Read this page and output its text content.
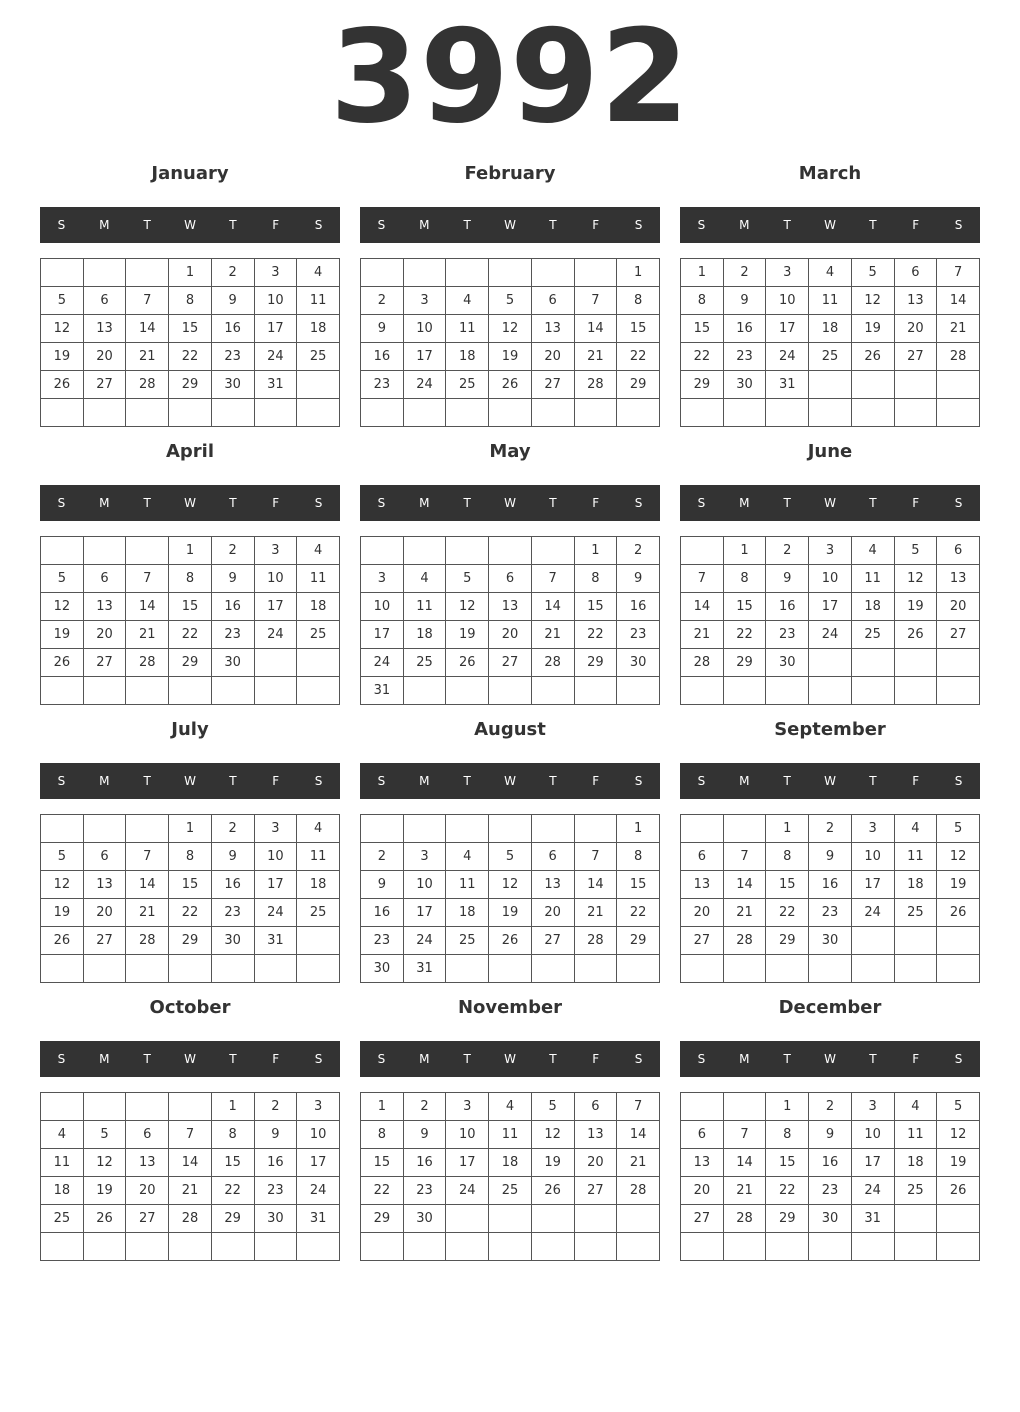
3992
January
S	M	T	W	T	F	S
			1	2	3	4
5	6	7	8	9	10	11
12	13	14	15	16	17	18
19	20	21	22	23	24	25
26	27	28	29	30	31	

February
S	M	T	W	T	F	S
						1
2	3	4	5	6	7	8
9	10	11	12	13	14	15
16	17	18	19	20	21	22
23	24	25	26	27	28	29

March
S	M	T	W	T	F	S
1	2	3	4	5	6	7
8	9	10	11	12	13	14
15	16	17	18	19	20	21
22	23	24	25	26	27	28
29	30	31				

April
S	M	T	W	T	F	S
			1	2	3	4
5	6	7	8	9	10	11
12	13	14	15	16	17	18
19	20	21	22	23	24	25
26	27	28	29	30		

May
S	M	T	W	T	F	S
					1	2
3	4	5	6	7	8	9
10	11	12	13	14	15	16
17	18	19	20	21	22	23
24	25	26	27	28	29	30
31						
June
S	M	T	W	T	F	S
	1	2	3	4	5	6
7	8	9	10	11	12	13
14	15	16	17	18	19	20
21	22	23	24	25	26	27
28	29	30				

July
S	M	T	W	T	F	S
			1	2	3	4
5	6	7	8	9	10	11
12	13	14	15	16	17	18
19	20	21	22	23	24	25
26	27	28	29	30	31	

August
S	M	T	W	T	F	S
						1
2	3	4	5	6	7	8
9	10	11	12	13	14	15
16	17	18	19	20	21	22
23	24	25	26	27	28	29
30	31					
September
S	M	T	W	T	F	S
		1	2	3	4	5
6	7	8	9	10	11	12
13	14	15	16	17	18	19
20	21	22	23	24	25	26
27	28	29	30			

October
S	M	T	W	T	F	S
				1	2	3
4	5	6	7	8	9	10
11	12	13	14	15	16	17
18	19	20	21	22	23	24
25	26	27	28	29	30	31

November
S	M	T	W	T	F	S
1	2	3	4	5	6	7
8	9	10	11	12	13	14
15	16	17	18	19	20	21
22	23	24	25	26	27	28
29	30					

December
S	M	T	W	T	F	S
		1	2	3	4	5
6	7	8	9	10	11	12
13	14	15	16	17	18	19
20	21	22	23	24	25	26
27	28	29	30	31		
